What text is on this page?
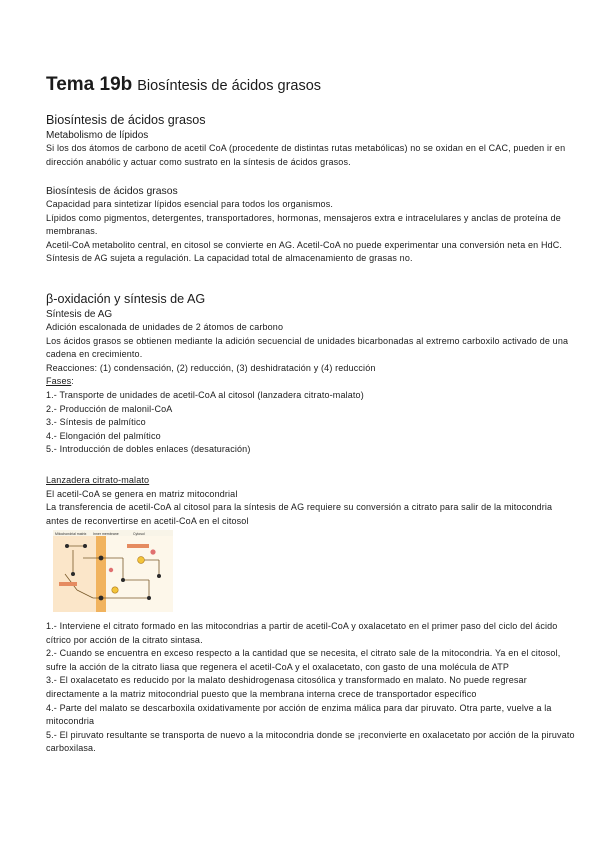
Tema 19b Biosíntesis de ácidos grasos
Biosíntesis de ácidos grasos
Metabolismo de lípidos

Si los dos átomos de carbono de acetil CoA (procedente de distintas rutas metabólicas) no se oxidan en el CAC, pueden ir en dirección anabólic y actuar como sustrato en la síntesis de ácidos grasos.

Biosíntesis de ácidos grasos

Capacidad para sintetizar lípidos esencial para todos los organismos.

Lípidos como pigmentos, detergentes, transportadores, hormonas, mensajeros extra e intracelulares y anclas de proteína de membranas.

Acetil-CoA metabolito central, en citosol se convierte en AG. Acetil-CoA no puede experimentar una conversión neta en HdC.

Síntesis de AG sujeta a regulación. La capacidad total de almacenamiento de grasas no.

β-oxidación y síntesis de AG
Síntesis de AG

Adición escalonada de unidades de 2 átomos de carbono

Los ácidos grasos se obtienen mediante la adición secuencial de unidades bicarbonadas al extremo carboxilo activado de una cadena en crecimiento.

Reacciones: (1) condensación, (2) reducción, (3) deshidratación y (4) reducción

Fases:

1.- Transporte de unidades de acetil-CoA al citosol (lanzadera citrato-malato)

2.- Producción de malonil-CoA

3.- Síntesis de palmítico

4.- Elongación del palmítico

5.- Introducción de dobles enlaces (desaturación)

Lanzadera citrato-malato

El acetil-CoA se genera en matriz mitocondrial

La transferencia de acetil-CoA al citosol para la síntesis de AG requiere su conversión a citrato para salir de la mitocondria antes de reconvertirse en acetil-CoA en el citosol

Mitochondrial matrix Inner membrane	Cytosol

1.- Interviene el citrato formado en las mitocondrias a partir de acetil-CoA y oxalacetato en el primer paso del ciclo del ácido cítrico por acción de la citrato sintasa.

2.- Cuando se encuentra en exceso respecto a la cantidad que se necesita, el citrato sale de la mitocondria. Ya en el citosol, sufre la acción de la citrato liasa que regenera el acetil-CoA y el oxalacetato, con gasto de una molécula de ATP

3.- El oxalacetato es reducido por la malato deshidrogenasa citosólica y transformado en malato. No puede regresar directamente a la matriz mitocondrial puesto que la membrana interna crece de transportador específico

4.- Parte del malato se descarboxila oxidativamente por acción de enzima málica para dar piruvato. Otra parte, vuelve a la mitocondria

5.- El piruvato resultante se transporta de nuevo a la mitocondria donde se ¡reconvierte en oxalacetato por acción de la piruvato carboxilasa.
